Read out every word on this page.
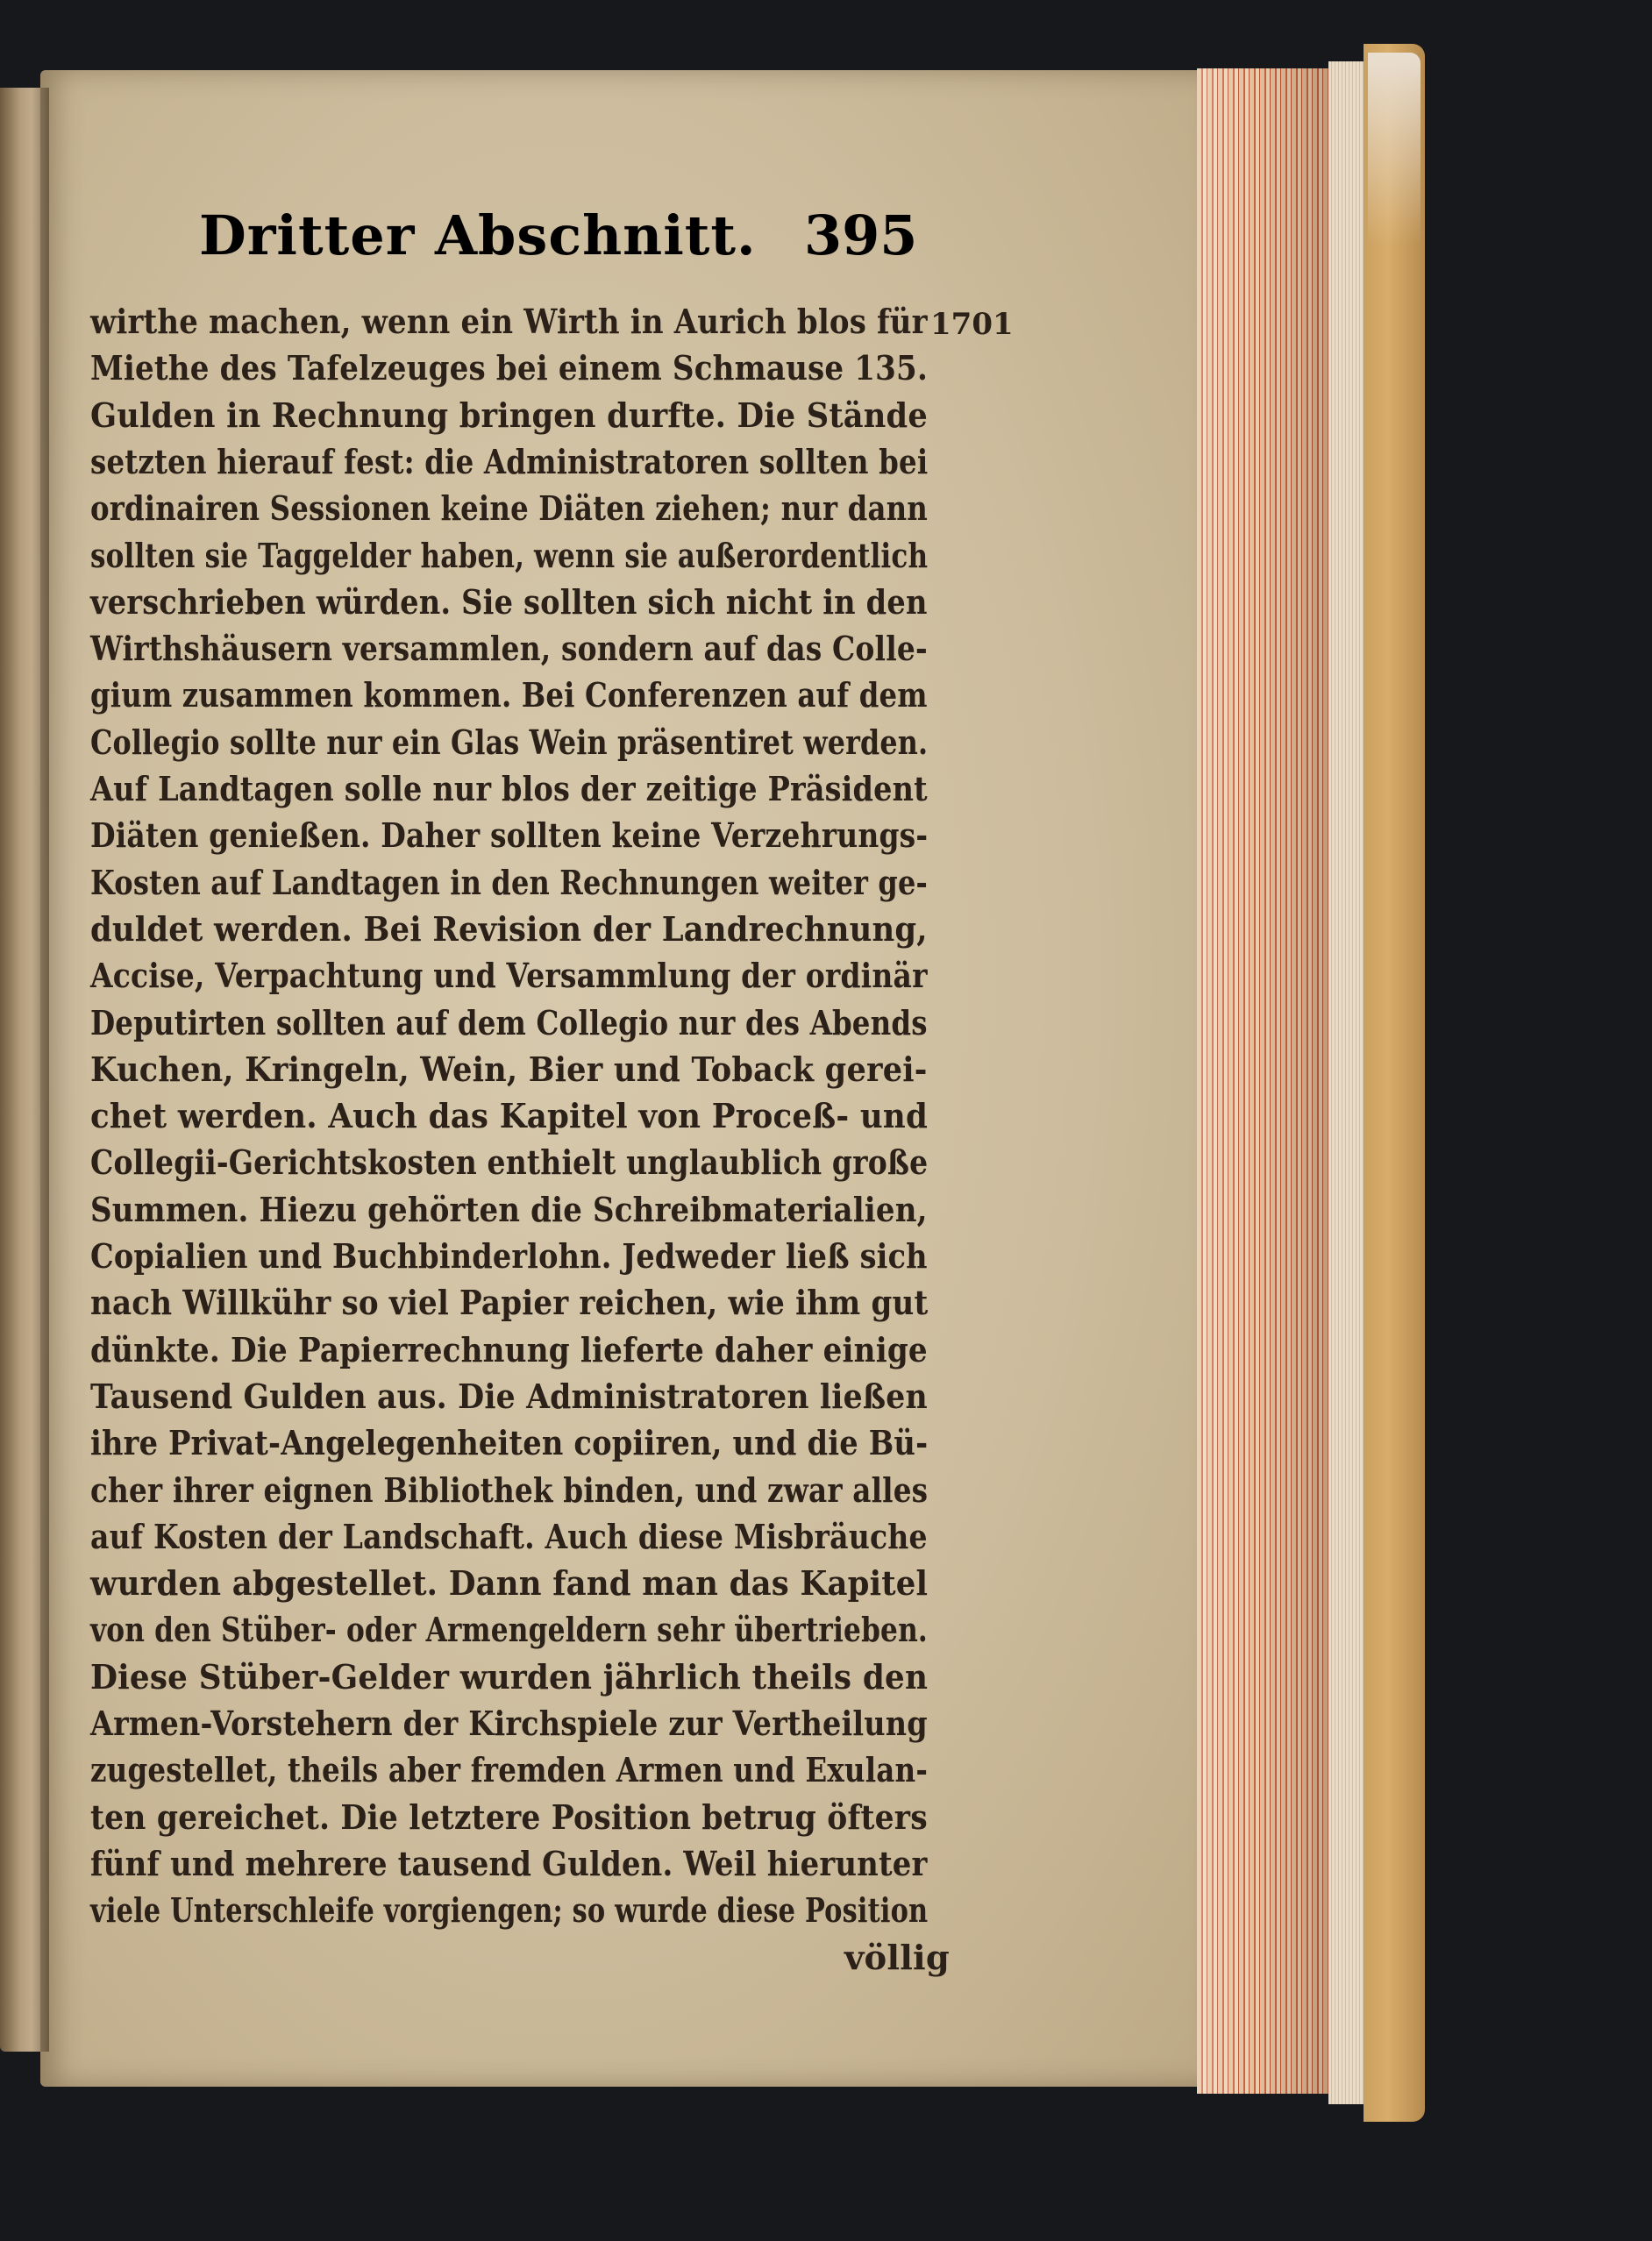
Dritter Abschnitt. 395
wirthe machen, wenn ein Wirth in Aurich blos für
Miethe des Tafelzeuges bei einem Schmause 135.
Gulden in Rechnung bringen durfte. Die Stände
setzten hierauf fest: die Administratoren sollten bei
ordinairen Sessionen keine Diäten ziehen; nur dann
sollten sie Taggelder haben, wenn sie außerordentlich
verschrieben würden. Sie sollten sich nicht in den
Wirthshäusern versammlen, sondern auf das Colle-
gium zusammen kommen. Bei Conferenzen auf dem
Collegio sollte nur ein Glas Wein präsentiret werden.
Auf Landtagen solle nur blos der zeitige Präsident
Diäten genießen. Daher sollten keine Verzehrungs-
Kosten auf Landtagen in den Rechnungen weiter ge-
duldet werden. Bei Revision der Landrechnung,
Accise, Verpachtung und Versammlung der ordinär
Deputirten sollten auf dem Collegio nur des Abends
Kuchen, Kringeln, Wein, Bier und Toback gerei-
chet werden. Auch das Kapitel von Proceß- und
Collegii-Gerichtskosten enthielt unglaublich große
Summen. Hiezu gehörten die Schreibmaterialien,
Copialien und Buchbinderlohn. Jedweder ließ sich
nach Willkühr so viel Papier reichen, wie ihm gut
dünkte. Die Papierrechnung lieferte daher einige
Tausend Gulden aus. Die Administratoren ließen
ihre Privat-Angelegenheiten copiiren, und die Bü-
cher ihrer eignen Bibliothek binden, und zwar alles
auf Kosten der Landschaft. Auch diese Misbräuche
wurden abgestellet. Dann fand man das Kapitel
von den Stüber- oder Armengeldern sehr übertrieben.
Diese Stüber-Gelder wurden jährlich theils den
Armen-Vorstehern der Kirchspiele zur Vertheilung
zugestellet, theils aber fremden Armen und Exulan-
ten gereichet. Die letztere Position betrug öfters
fünf und mehrere tausend Gulden. Weil hierunter
viele Unterschleife vorgiengen; so wurde diese Position
völlig
1701
